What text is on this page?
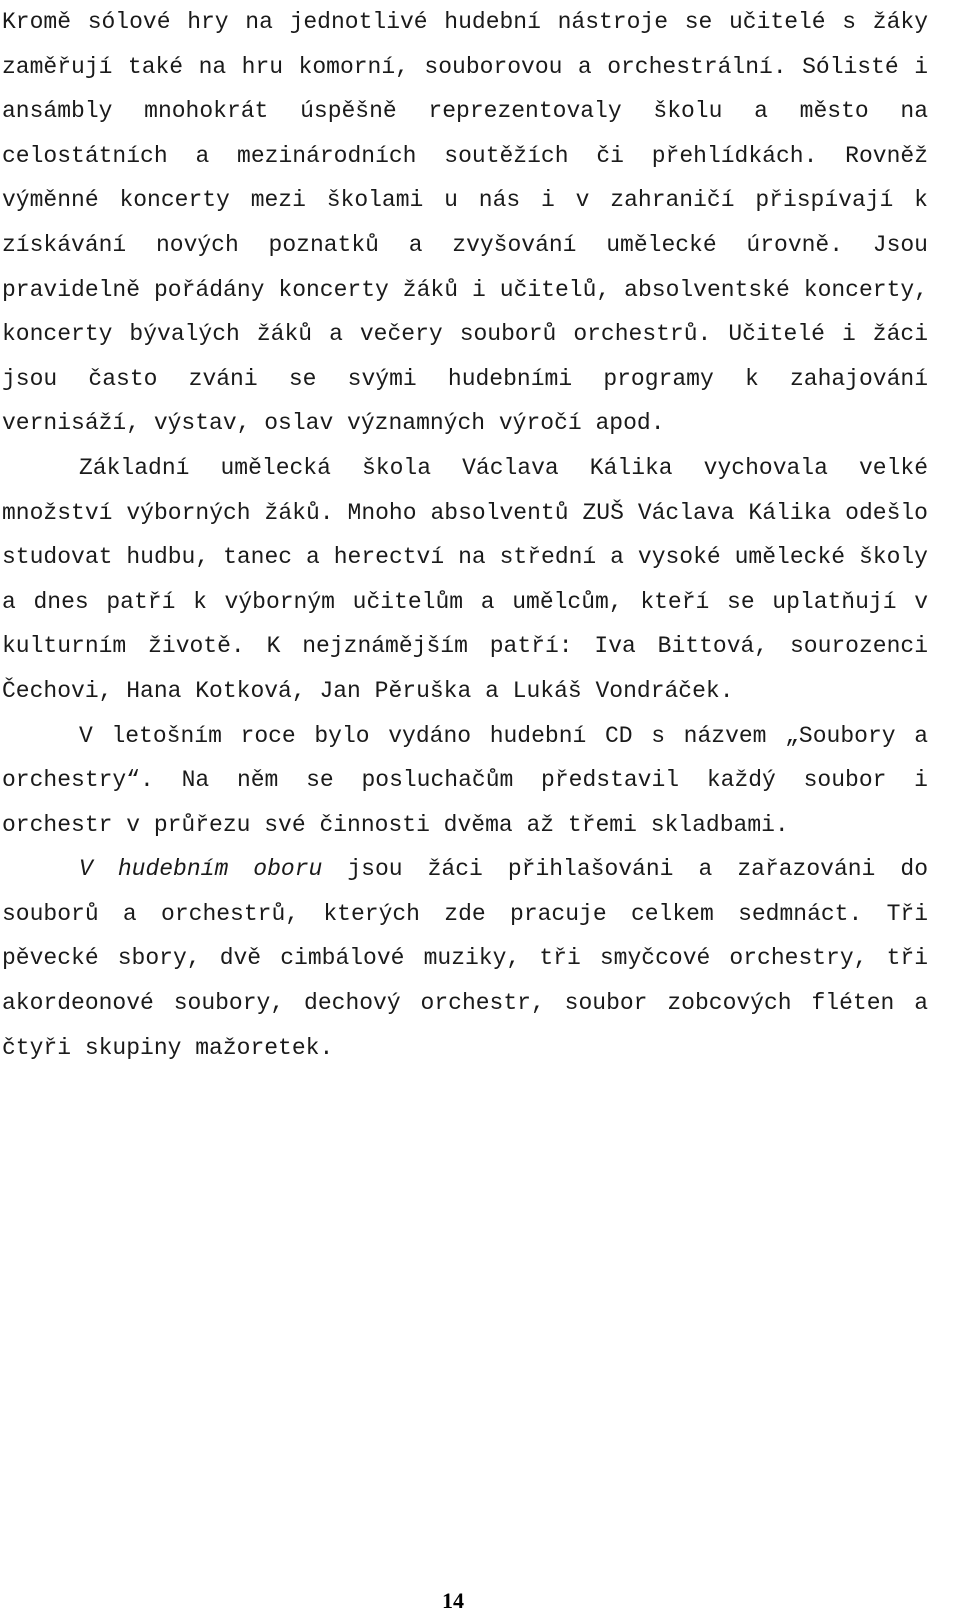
Kromě sólové hry na jednotlivé hudební nástroje se učitelé s žáky zaměřují také na hru komorní, souborovou a orchestrální. Sólisté i ansámbly mnohokrát úspěšně reprezentovaly školu a město na celostátních a mezinárodních soutěžích či přehlídkách. Rovněž výměnné koncerty mezi školami u nás i v zahraničí přispívají k získávání nových poznatků a zvyšování umělecké úrovně. Jsou pravidelně pořádány koncerty žáků i učitelů, absolventské koncerty, koncerty bývalých žáků a večery souborů orchestrů. Učitelé i žáci jsou často zváni se svými hudebními programy k zahajování vernisáží, výstav, oslav významných výročí apod.

Základní umělecká škola Václava Kálika vychovala velké množství výborných žáků. Mnoho absolventů ZUŠ Václava Kálika odešlo studovat hudbu, tanec a herectví na střední a vysoké umělecké školy a dnes patří k výborným učitelům a umělcům, kteří se uplatňují v kulturním životě. K nejznámějším patří: Iva Bittová, sourozenci Čechovi, Hana Kotková, Jan Pěruška a Lukáš Vondráček.

V letošním roce bylo vydáno hudební CD s názvem „Soubory a orchestry“. Na něm se posluchačům představil každý soubor i orchestr v průřezu své činnosti dvěma až třemi skladbami.

V hudebním oboru jsou žáci přihlašováni a zařazováni do souborů a orchestrů, kterých zde pracuje celkem sedmnáct. Tři pěvecké sbory, dvě cimbálové muziky, tři smyčcové orchestry, tři akordeonové soubory, dechový orchestr, soubor zobcových fléten a čtyři skupiny mažoretek.

14
